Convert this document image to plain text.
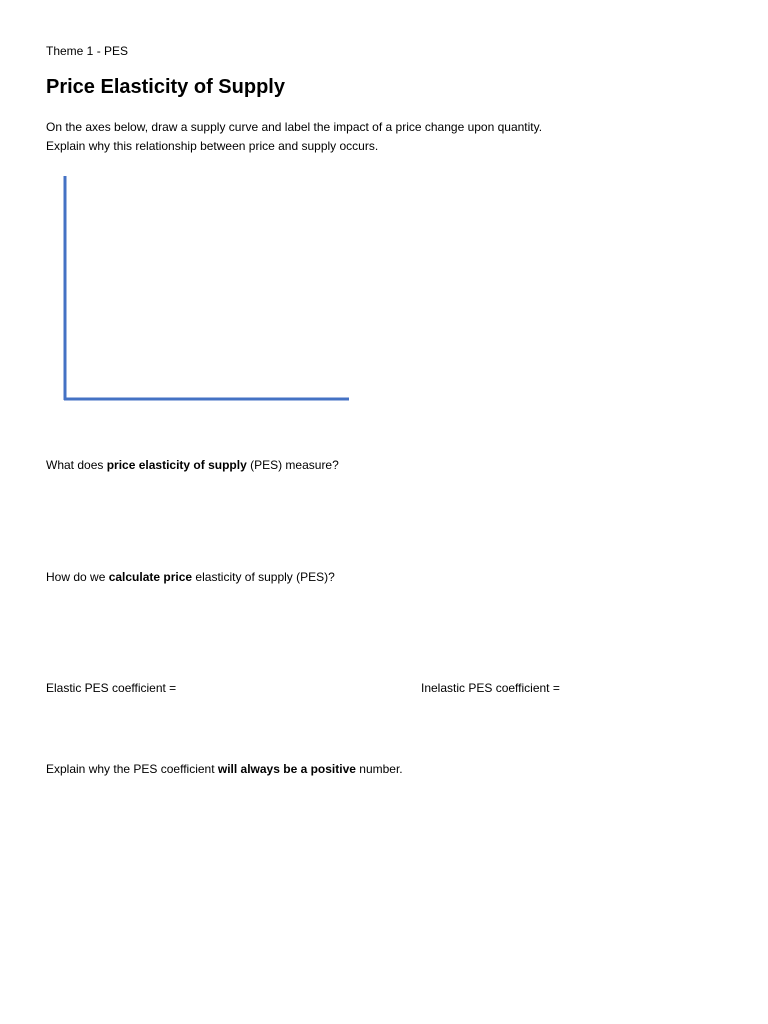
Theme 1 - PES
Price Elasticity of Supply
On the axes below, draw a supply curve and label the impact of a price change upon quantity.
Explain why this relationship between price and supply occurs.
What does price elasticity of supply (PES) measure?
How do we calculate price elasticity of supply (PES)?
Elastic PES coefficient =	Inelastic PES coefficient =
Explain why the PES coefficient will always be a positive number.
